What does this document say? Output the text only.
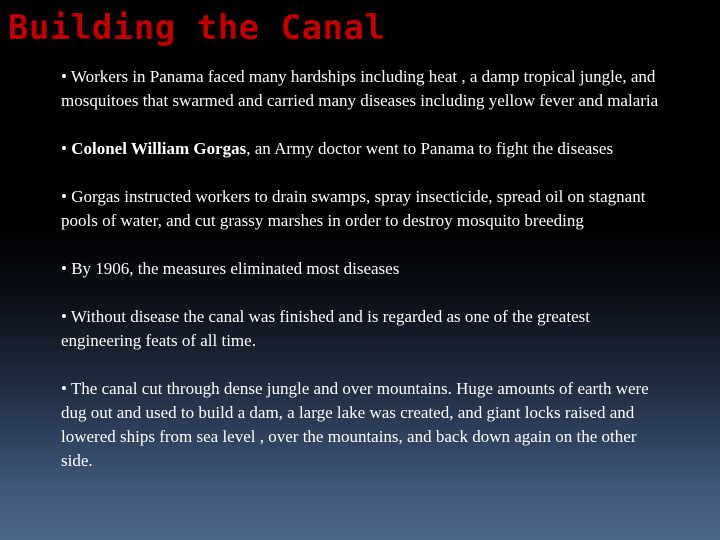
Building the Canal
• Workers in Panama faced many hardships including heat , a damp tropical jungle, and mosquitoes that swarmed and carried many diseases including yellow fever and malaria
• Colonel William Gorgas, an Army doctor went to Panama to fight the diseases
• Gorgas instructed workers to drain swamps, spray insecticide, spread oil on stagnant pools of water, and cut grassy marshes in order to destroy mosquito breeding
• By 1906, the measures eliminated most diseases
• Without disease the canal was finished and is regarded as one of the greatest engineering feats of all time.
• The canal cut through dense jungle and over mountains. Huge amounts of earth were dug out and used to build a dam, a large lake was created, and giant locks raised and lowered ships from sea level , over the mountains, and back down again on the other side.
